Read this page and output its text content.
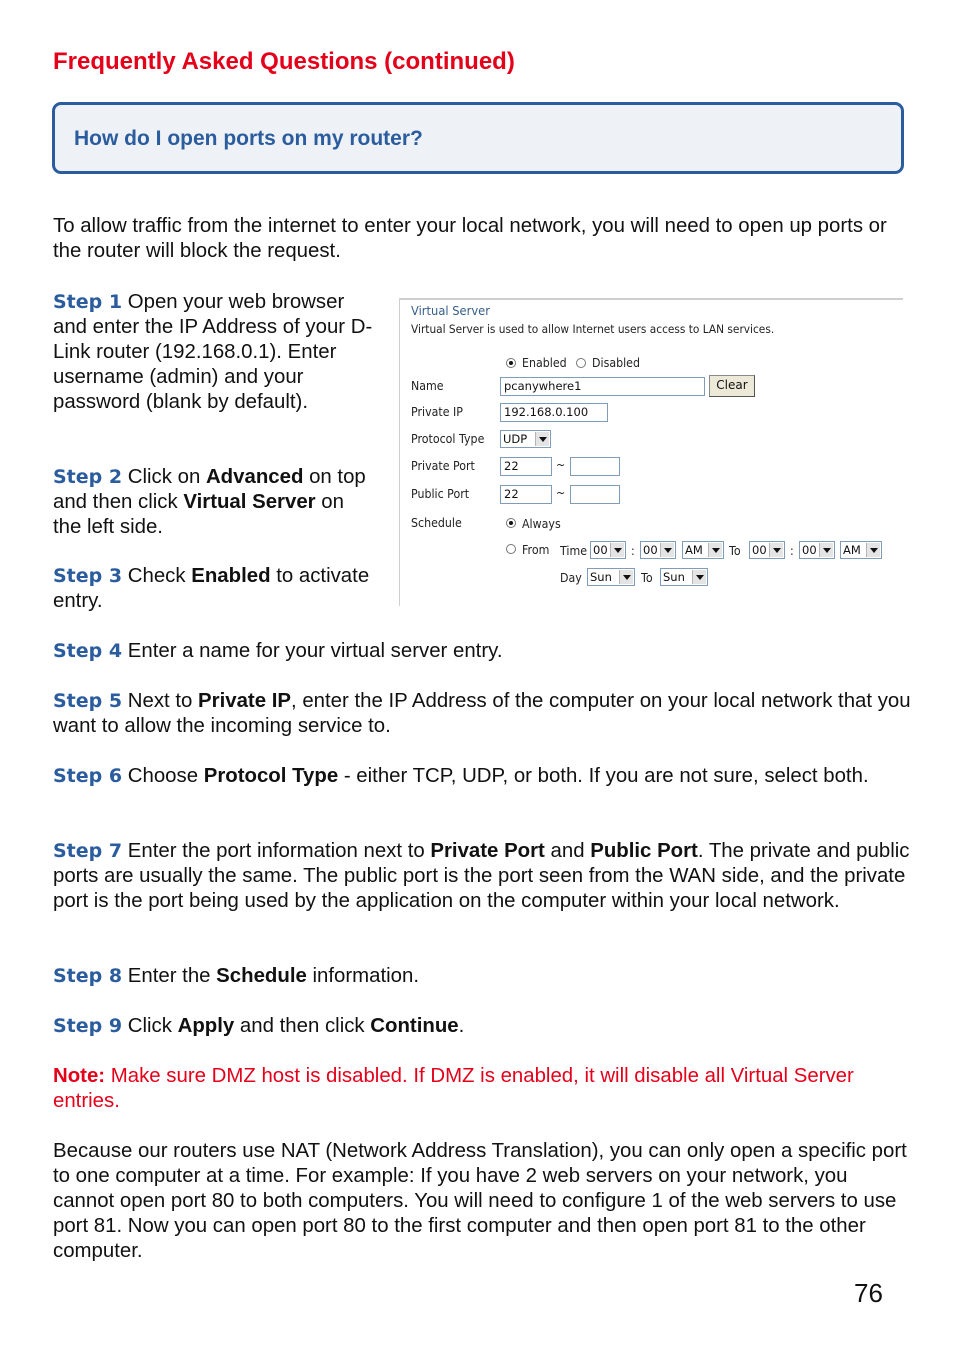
Frequently Asked Questions (continued)
How do I open ports on my router?

To allow traffic from the internet to enter your local network, you will need to open up ports or the router will block the request.

Step 1 Open your web browser and enter the IP Address of your D-Link router (192.168.0.1). Enter username (admin) and your password (blank by default).

Step 2 Click on Advanced on top and then click Virtual Server on the left side.

Step 3 Check Enabled to activate entry.

Virtual Server
Virtual Server is used to allow Internet users access to LAN services.
Enabled Disabled
Name	pcanywhere1	Clear
Private IP	192.168.0.100
Protocol Type UDP
Private Port	22	~
Public Port	22	~
Schedule	Always
From Time 00	: 00	AM	To 00	: 00	AM
Day Sun	To Sun

Step 4 Enter a name for your virtual server entry.

Step 5 Next to Private IP, enter the IP Address of the computer on your local network that you want to allow the incoming service to.

Step 6 Choose Protocol Type - either TCP, UDP, or both. If you are not sure, select both.

Step 7 Enter the port information next to Private Port and Public Port. The private and public ports are usually the same. The public port is the port seen from the WAN side, and the private port is the port being used by the application on the computer within your local network.

Step 8 Enter the Schedule information.

Step 9 Click Apply and then click Continue.

Note: Make sure DMZ host is disabled. If DMZ is enabled, it will disable all Virtual Server entries.

Because our routers use NAT (Network Address Translation), you can only open a specific port to one computer at a time. For example: If you have 2 web servers on your network, you cannot open port 80 to both computers. You will need to configure 1 of the web servers to use port 81. Now you can open port 80 to the first computer and then open port 81 to the other computer.

76
